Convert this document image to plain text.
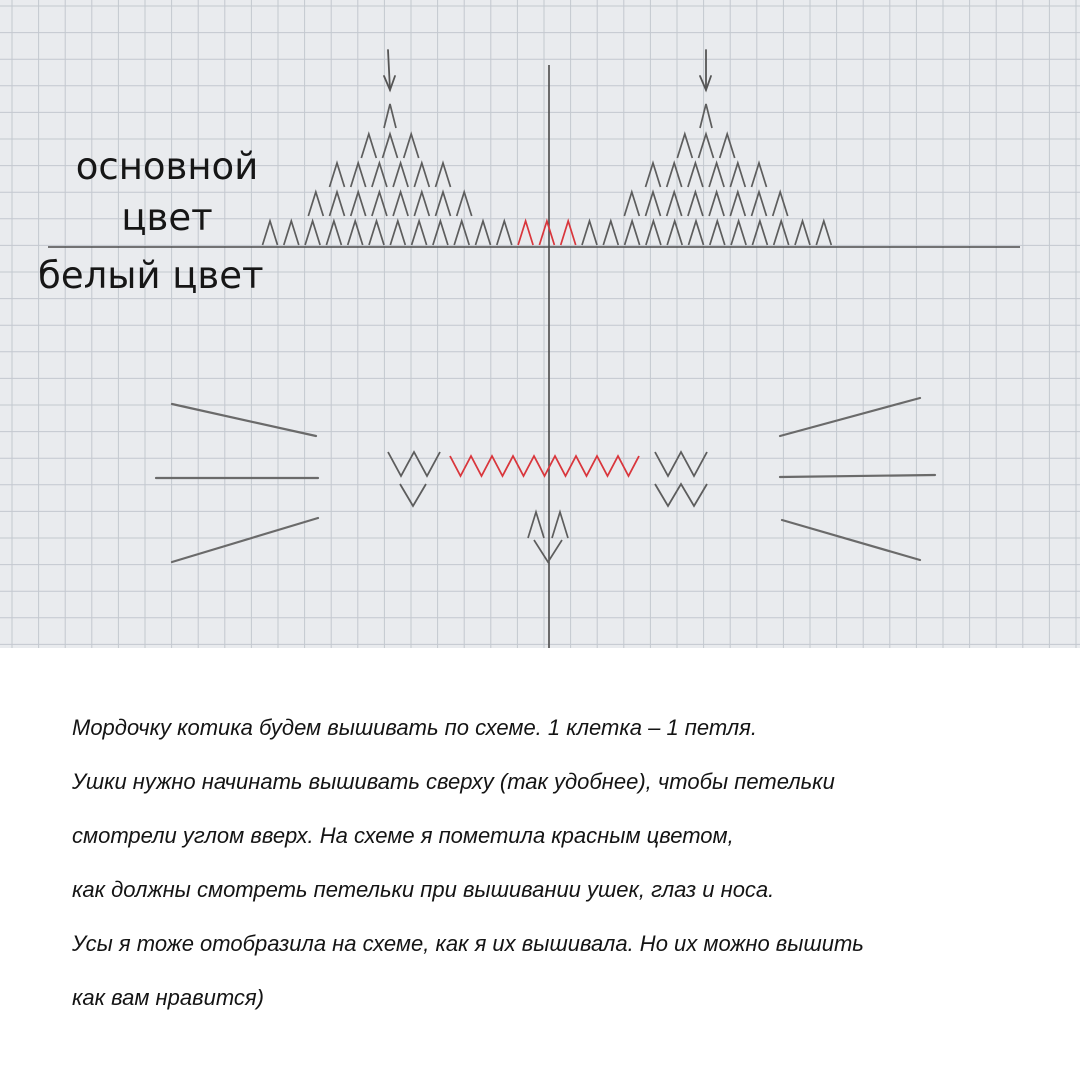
основной
цвет
белый цвет
Мордочку котика будем вышивать по схеме. 1 клетка – 1 петля.
Ушки нужно начинать вышивать сверху (так удобнее), чтобы петельки
смотрели углом вверх. На схеме я пометила красным цветом,
как должны смотреть петельки при вышивании ушек, глаз и носа.
Усы я тоже отобразила на схеме, как я их вышивала. Но их можно вышить
как вам нравится)
